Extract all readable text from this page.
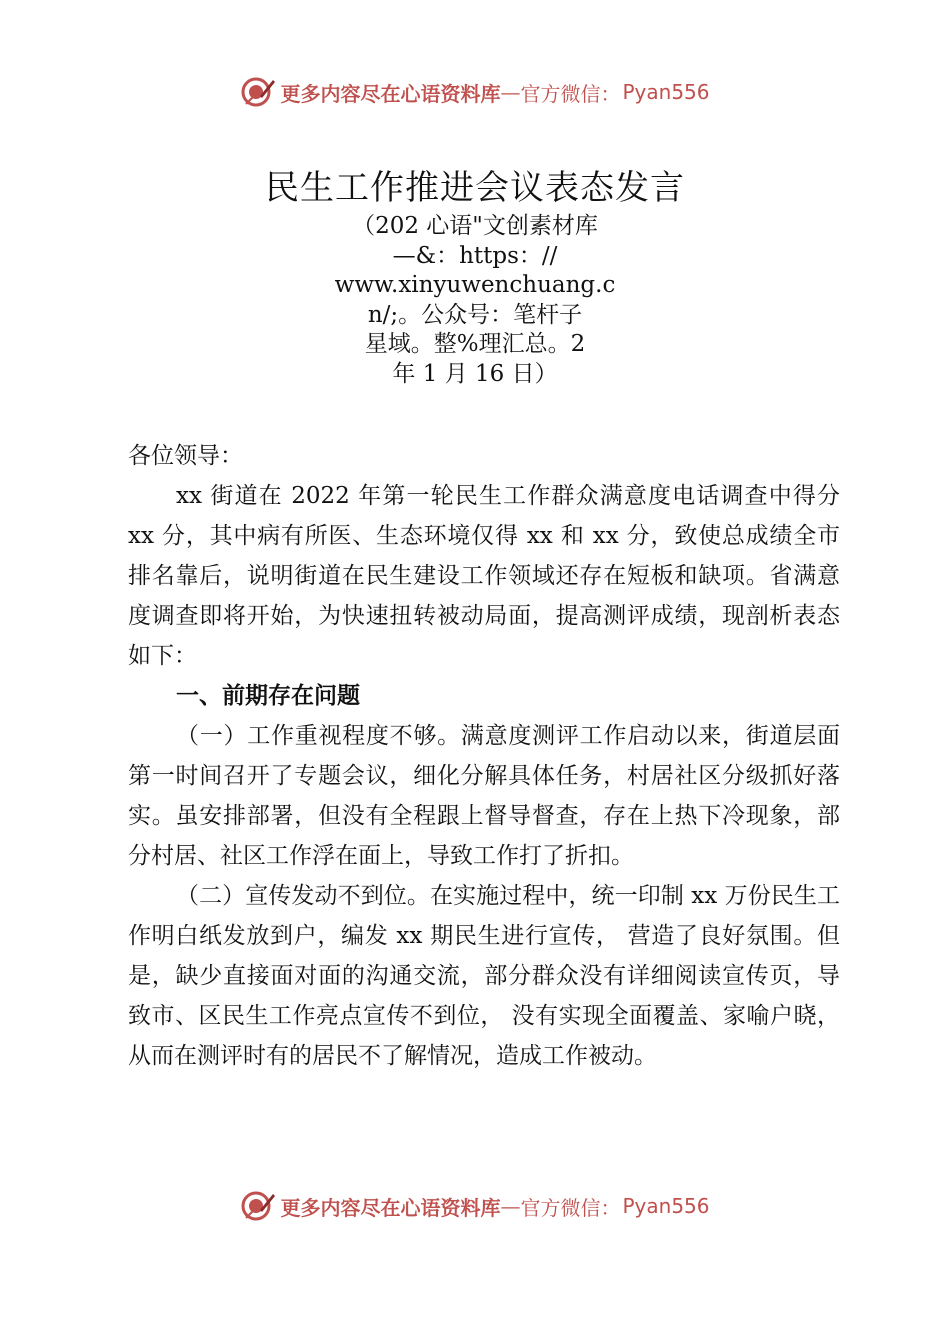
更多内容尽在心语资料库 — 官方微信： Pyan556
民生工作推进会议表态发言
（202 心语"文创素材库
—&：https：//
www.xinyuwenchuang.c
n/;。公众号：笔杆子
星域。整%理汇总。2
年 1 月 16 日）

各位领导：

xx 街道在 2022 年第一轮民生工作群众满意度电话调查中得分 xx 分，其中病有所医、生态环境仅得 xx 和 xx 分，致使总成绩全市排名靠后，说明街道在民生建设工作领域还存在短板和缺项。省满意度调查即将开始，为快速扭转被动局面，提高测评成绩，现剖析表态如下：

一、前期存在问题

（一）工作重视程度不够。满意度测评工作启动以来，街道层面第一时间召开了专题会议，细化分解具体任务，村居社区分级抓好落实。虽安排部署，但没有全程跟上督导督查，存在上热下冷现象，部分村居、社区工作浮在面上，导致工作打了折扣。

（二）宣传发动不到位。在实施过程中，统一印制 xx 万份民生工作明白纸发放到户，编发 xx 期民生进行宣传， 营造了良好氛围。但是，缺少直接面对面的沟通交流，部分群众没有详细阅读宣传页，导致市、区民生工作亮点宣传不到位， 没有实现全面覆盖、家喻户晓，从而在测评时有的居民不了解情况，造成工作被动。

更多内容尽在心语资料库 — 官方微信： Pyan556
